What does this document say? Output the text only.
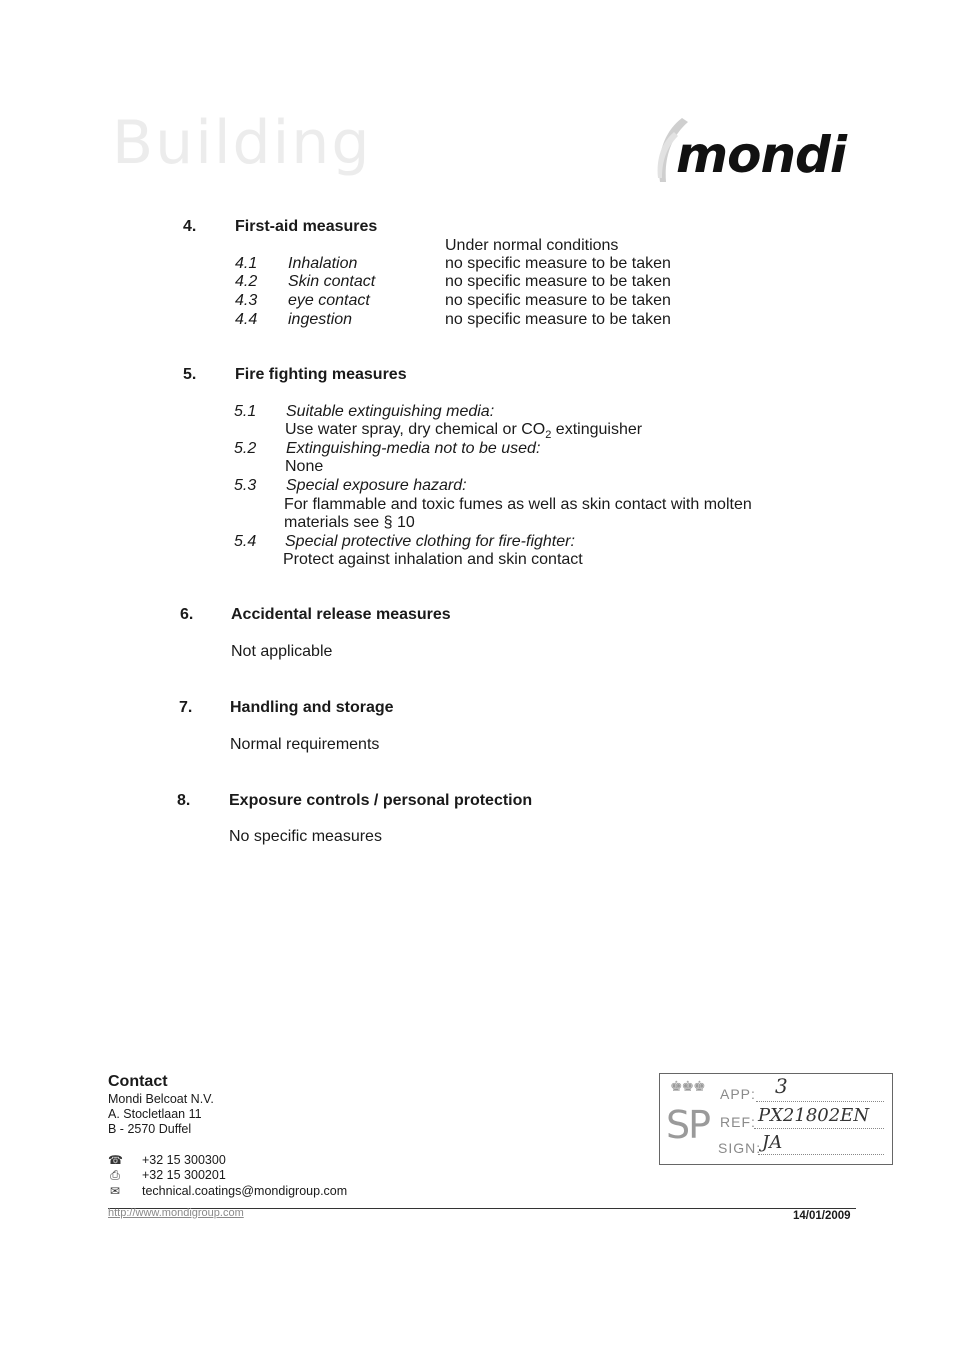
Building	mondi
4. First-aid measures
Under normal conditions
4.1 Inhalation	no specific measure to be taken
4.2 Skin contact	no specific measure to be taken
4.3 eye contact	no specific measure to be taken
4.4 ingestion	no specific measure to be taken
5. Fire fighting measures
5.1 Suitable extinguishing media:
Use water spray, dry chemical or $CO_2$ extinguisher
5.2 Extinguishing-media not to be used:
None
5.3 Special exposure hazard:
For flammable and toxic fumes as well as skin contact with molten
materials see § 10
5.4 Special protective clothing for fire-fighter:
Protect against inhalation and skin contact
6. Accidental release measures
Not applicable
7. Handling and storage
Normal requirements
8. Exposure controls / personal protection
No specific measures
Contact
Mondi Belcoat N.V.
A. Stocletlaan 11
B - 2570 Duffel
☎ +32 15 300300
⎙ +32 15 300201
✉ technical.coatings@mondigroup.com
http://www.mondigroup.com	14/01/2009
♚♚♚
SP
APP: 3
REF: PX21802EN
SIGN: JA
